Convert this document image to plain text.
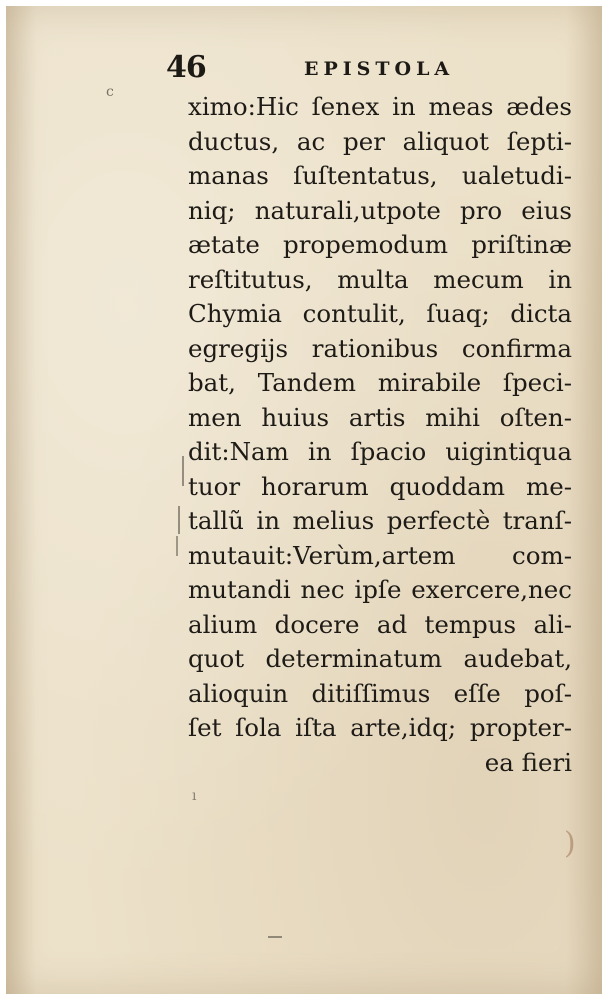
46	EPISTOLA
c
ı
)
ximo:Hic ſenex in meas ædes
ductus, ac per aliquot ſepti-
manas ſuſtentatus, ualetudi-
niq; naturali,utpote pro eius
ætate propemodum priſtinæ
reſtitutus, multa mecum in
Chymia contulit, ſuaq; dicta
egregijs rationibus confirma
bat, Tandem mirabile ſpeci-
men huius artis mihi oſten-
dit:Nam in ſpacio uigintiqua
tuor horarum quoddam me-
tallũ in melius perfectè tranſ-
mutauit:Verùm,artem com-
mutandi nec ipſe exercere,nec
alium docere ad tempus ali-
quot determinatum audebat,
alioquin ditiſſimus eſſe poſ-
ſet ſola iſta arte,idq; propter-
ea fieri
